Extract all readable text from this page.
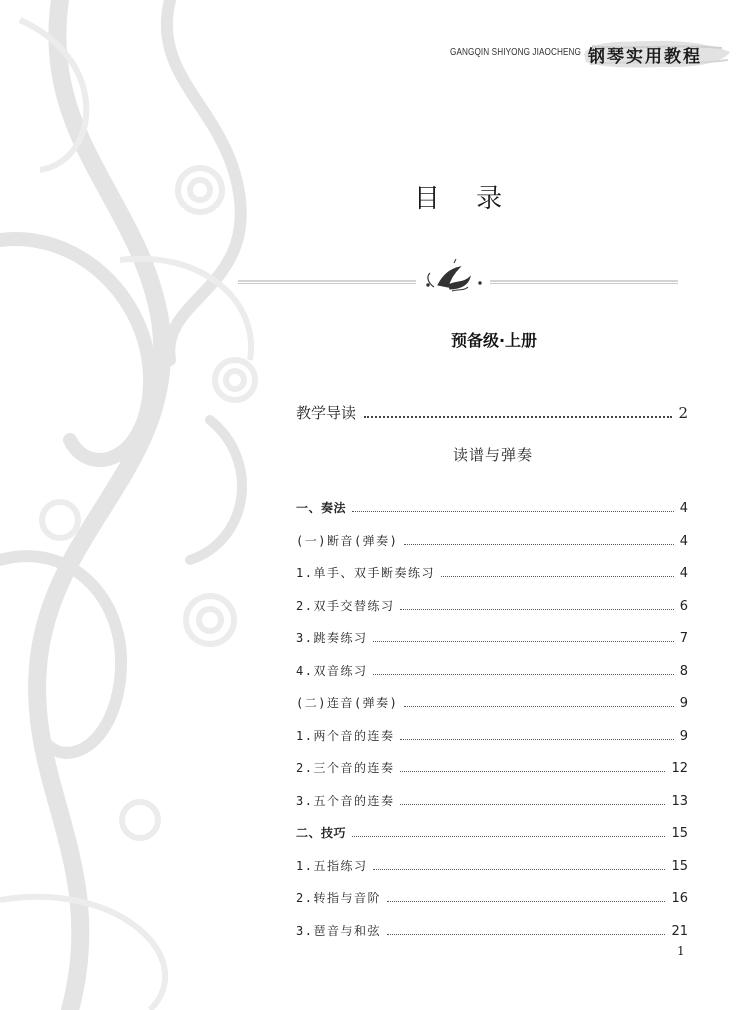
GANGQIN SHIYONG JIAOCHENG 钢琴实用教程
目 录
预备级·上册
教学导读	2
读谱与弹奏
一、奏法	4
(一)断音(弹奏)	4
1.单手、双手断奏练习	4
2.双手交替练习	6
3.跳奏练习	7
4.双音练习	8
(二)连音(弹奏)	9
1.两个音的连奏	9
2.三个音的连奏	12
3.五个音的连奏	13
二、技巧	15
1.五指练习	15
2.转指与音阶	16
3.琶音与和弦	21
1
